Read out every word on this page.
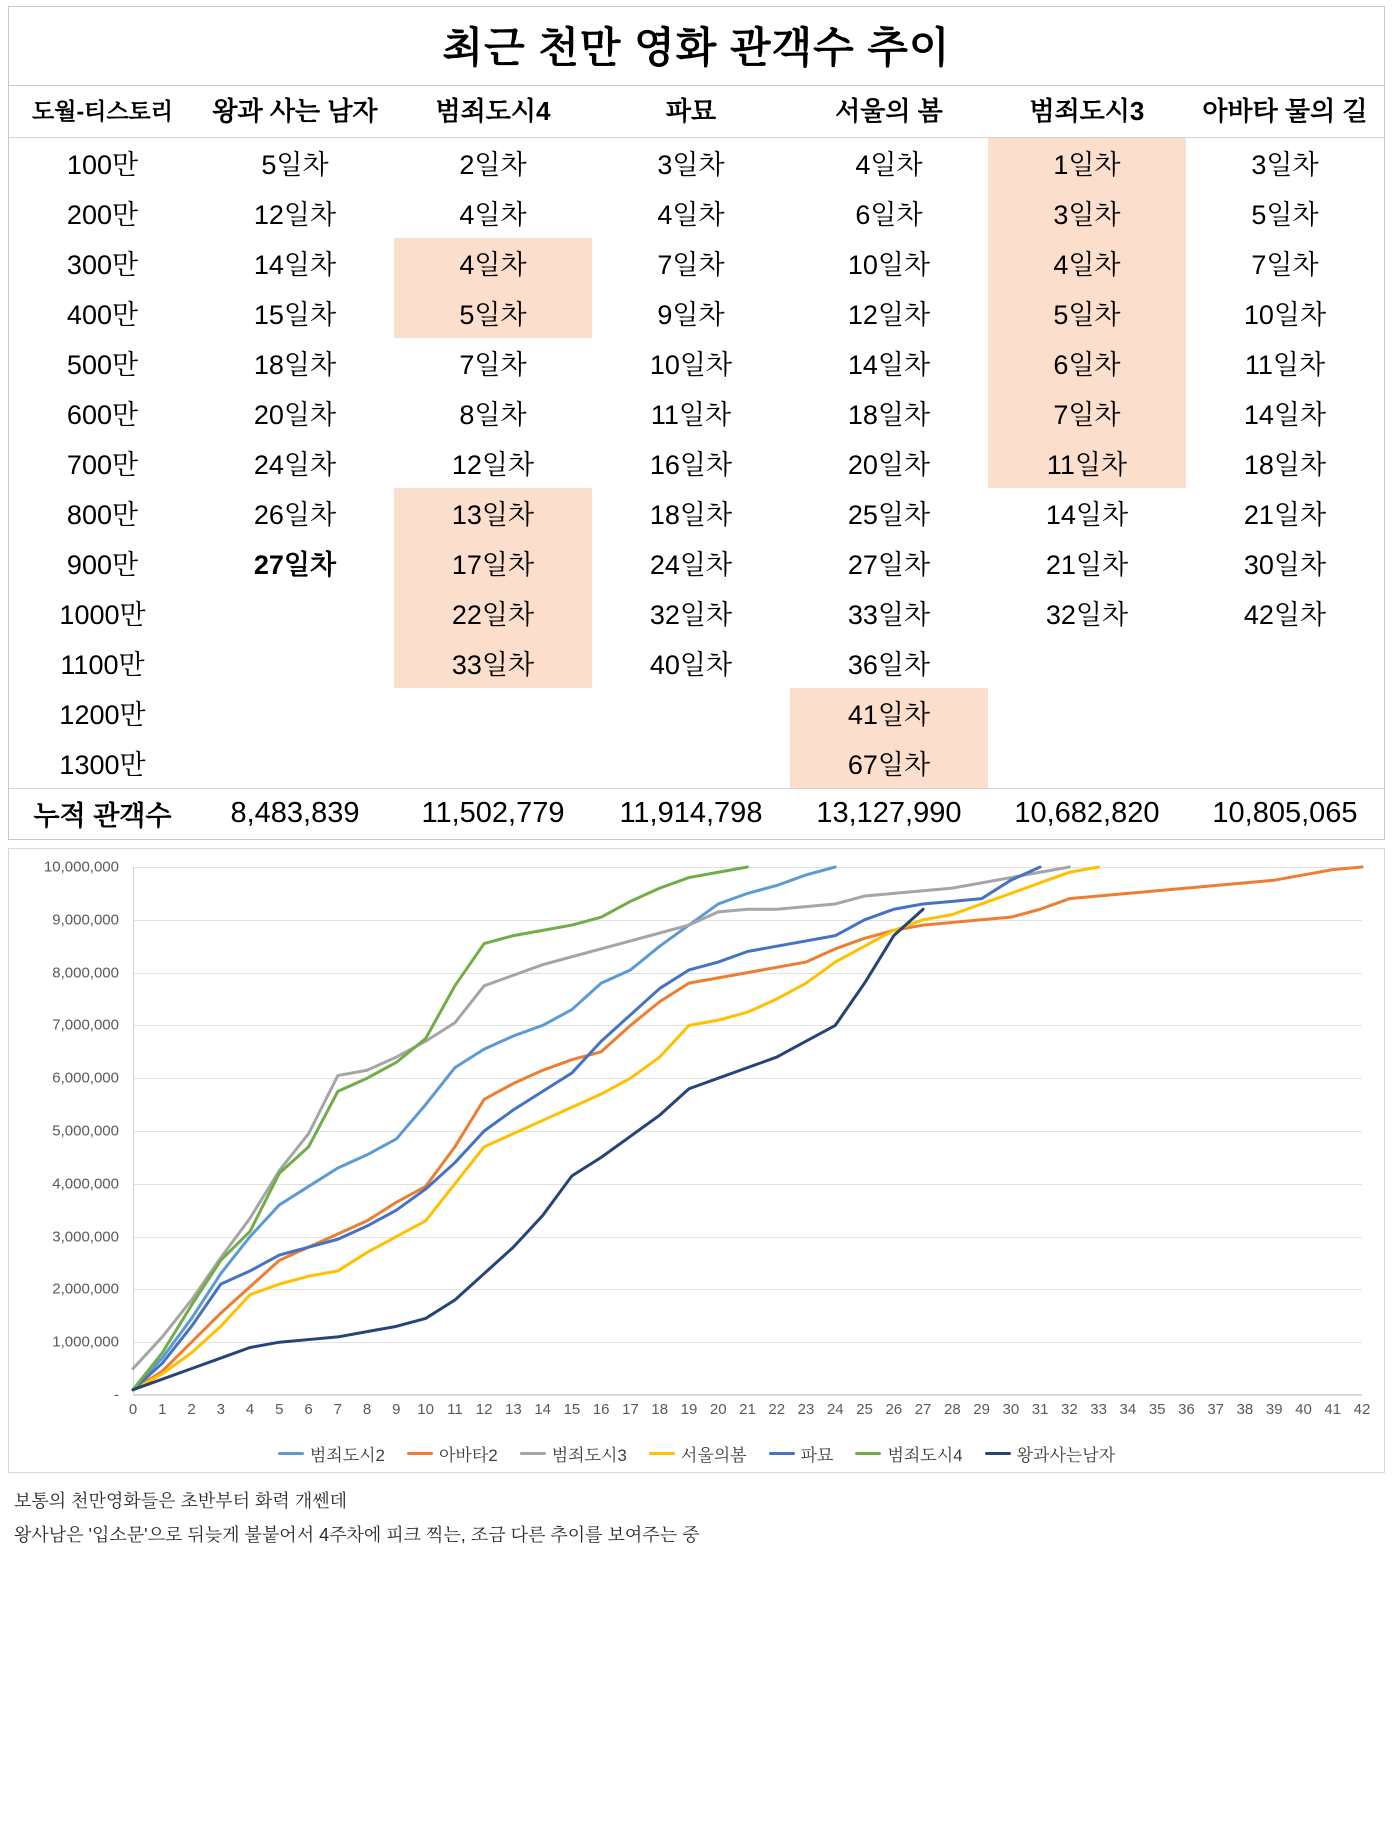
최근 천만 영화 관객수 추이
도월-티스토리	왕과 사는 남자	범죄도시4	파묘	서울의 봄	범죄도시3	아바타 물의 길
100만	5일차	2일차	3일차	4일차	1일차	3일차
200만	12일차	4일차	4일차	6일차	3일차	5일차
300만	14일차	4일차	7일차	10일차	4일차	7일차
400만	15일차	5일차	9일차	12일차	5일차	10일차
500만	18일차	7일차	10일차	14일차	6일차	11일차
600만	20일차	8일차	11일차	18일차	7일차	14일차
700만	24일차	12일차	16일차	20일차	11일차	18일차
800만	26일차	13일차	18일차	25일차	14일차	21일차
900만	27일차	17일차	24일차	27일차	21일차	30일차
1000만		22일차	32일차	33일차	32일차	42일차
1100만		33일차	40일차	36일차		
1200만				41일차		
1300만				67일차		
누적 관객수	8,483,839	11,502,779	11,914,798	13,127,990	10,682,820	10,805,065
-
1,000,000
2,000,000
3,000,000
4,000,000
5,000,000
6,000,000
7,000,000
8,000,000
9,000,000
10,000,000
0 1 2 3 4 5 6 7 8 9 10 11 12 13 14 15 16 17 18 19 20 21 22 23 24 25 26 27 28 29 30 31 32 33 34 35 36 37 38 39 40 41 42
범죄도시2	아바타2	범죄도시3	서울의봄	파묘	범죄도시4	왕과사는남자

보통의 천만영화들은 초반부터 화력 개쎈데

왕사남은 '입소문'으로 뒤늦게 불붙어서 4주차에 피크 찍는, 조금 다른 추이를 보여주는 중
